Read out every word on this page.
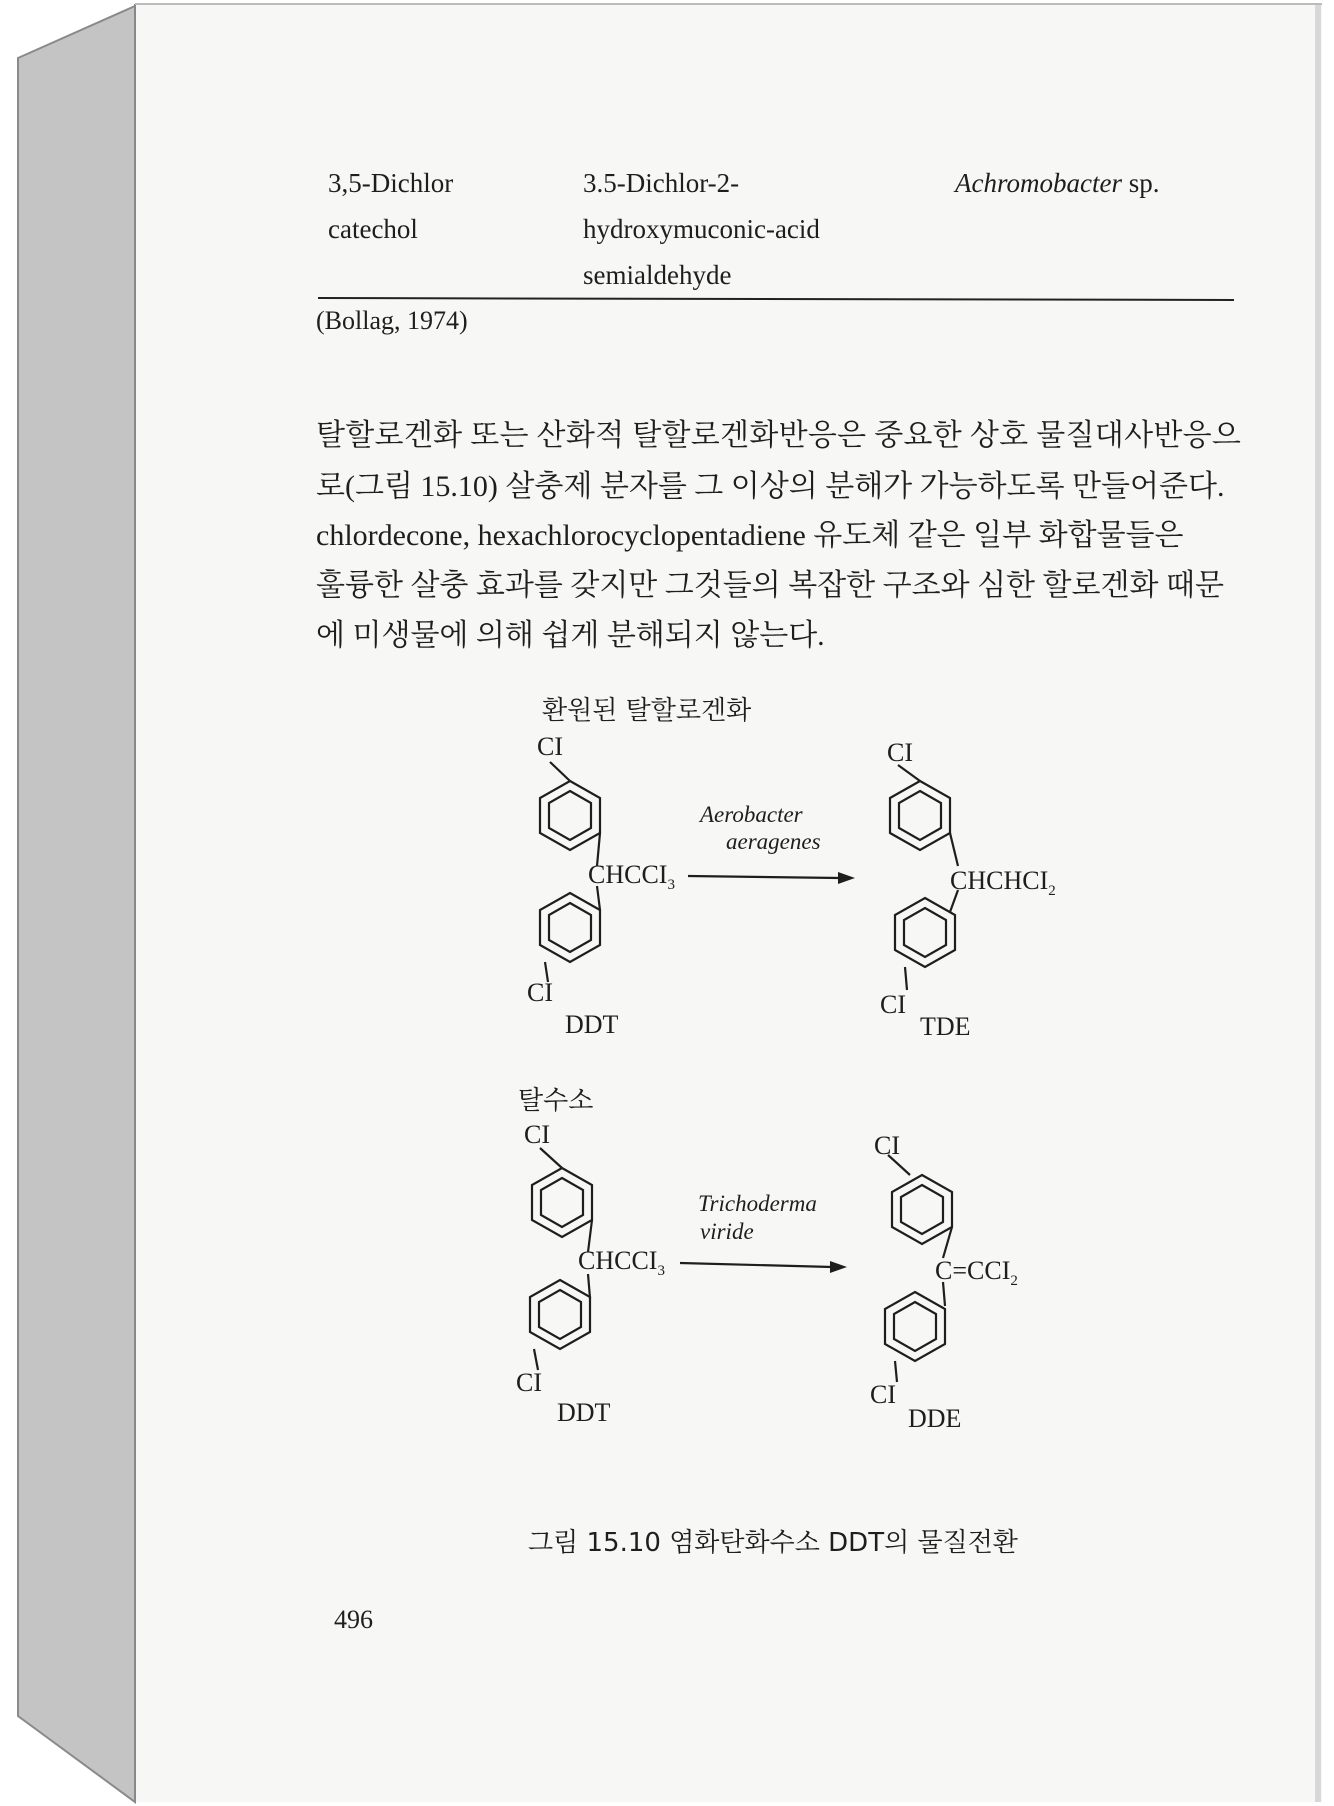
3,5-Dichlor
catechol
3.5-Dichlor-2-
hydroxymuconic-acid
semialdehyde
Achromobacter sp.
(Bollag, 1974)
탈할로겐화 또는 산화적 탈할로겐화반응은 중요한 상호 물질대사반응으
로(그림 15.10) 살충제 분자를 그 이상의 분해가 가능하도록 만들어준다.
chlordecone, hexachlorocyclopentadiene 유도체 같은 일부 화합물들은
훌륭한 살충 효과를 갖지만 그것들의 복잡한 구조와 심한 할로겐화 때문
에 미생물에 의해 쉽게 분해되지 않는다.
환원된 탈할로겐화
CI
$CHCCI_3$
CI
DDT
Aerobacter
aeragenes
CI
$CHCHCI_2$
CI
TDE
탈수소
CI
$CHCCI_3$
CI
DDT
Trichoderma
viride
CI
$C=CCI_2$
CI
DDE
그림 15.10 염화탄화수소 DDT의 물질전환
496
